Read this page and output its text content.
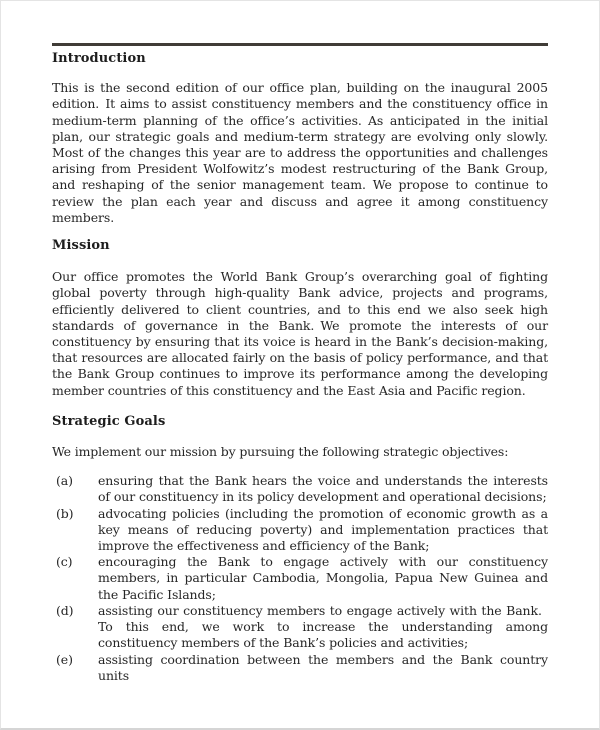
Introduction

This is the second edition of our office plan, building on the inaugural 2005 edition. It aims to assist constituency members and the constituency office in medium-term planning of the office’s activities. As anticipated in the initial plan, our strategic goals and medium-term strategy are evolving only slowly. Most of the changes this year are to address the opportunities and challenges arising from President Wolfowitz’s modest restructuring of the Bank Group, and reshaping of the senior management team. We propose to continue to review the plan each year and discuss and agree it among constituency members.

Mission

Our office promotes the World Bank Group’s overarching goal of fighting global poverty through high-quality Bank advice, projects and programs, efficiently delivered to client countries, and to this end we also seek high standards of governance in the Bank. We promote the interests of our constituency by ensuring that its voice is heard in the Bank’s decision-making, that resources are allocated fairly on the basis of policy performance, and that the Bank Group continues to improve its performance among the developing member countries of this constituency and the East Asia and Pacific region.

Strategic Goals

We implement our mission by pursuing the following strategic objectives:

(a)	ensuring that the Bank hears the voice and understands the interests of our constituency in its policy development and operational decisions;
(b)	advocating policies (including the promotion of economic growth as a key means of reducing poverty) and implementation practices that improve the effectiveness and efficiency of the Bank;
(c)	encouraging the Bank to engage actively with our constituency members, in particular Cambodia, Mongolia, Papua New Guinea and the Pacific Islands;
(d)	assisting our constituency members to engage actively with the Bank. To this end, we work to increase the understanding among constituency members of the Bank’s policies and activities;
(e)	assisting coordination between the members and the Bank country units
